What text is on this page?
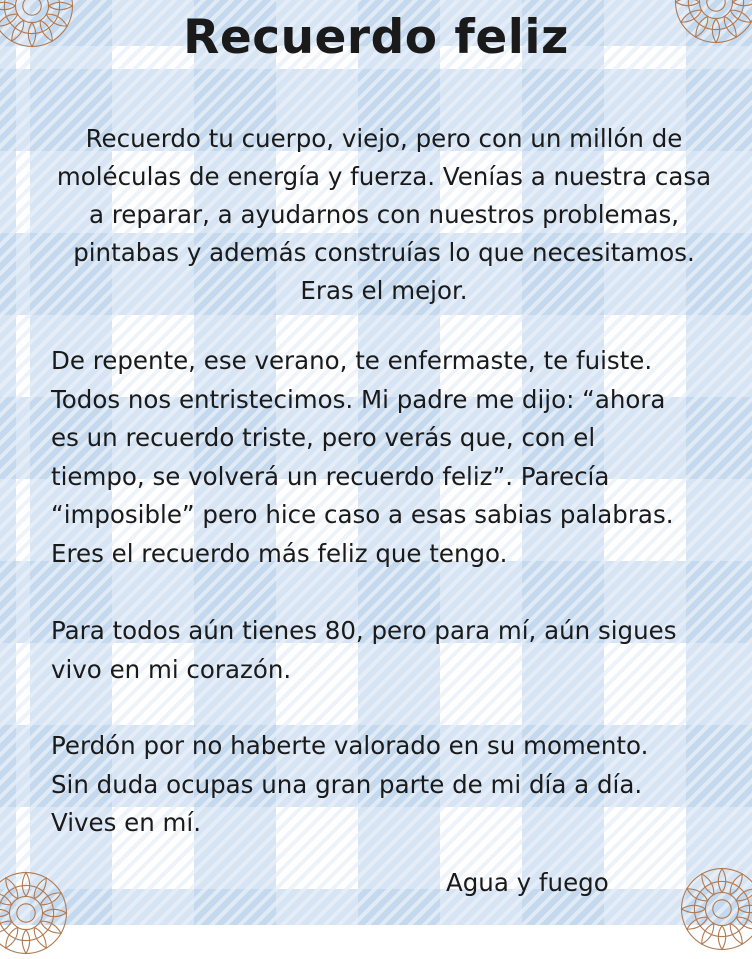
Recuerdo feliz
Recuerdo tu cuerpo, viejo, pero con un millón de
moléculas de energía y fuerza. Venías a nuestra casa
a reparar, a ayudarnos con nuestros problemas,
pintabas y además construías lo que necesitamos.
Eras el mejor.
De repente, ese verano, te enfermaste, te fuiste.
Todos nos entristecimos. Mi padre me dijo: “ahora
es un recuerdo triste, pero verás que, con el
tiempo, se volverá un recuerdo feliz”. Parecía
“imposible” pero hice caso a esas sabias palabras.
Eres el recuerdo más feliz que tengo.
Para todos aún tienes 80, pero para mí, aún sigues
vivo en mi corazón.
Perdón por no haberte valorado en su momento.
Sin duda ocupas una gran parte de mi día a día.
Vives en mí.
Agua y fuego
